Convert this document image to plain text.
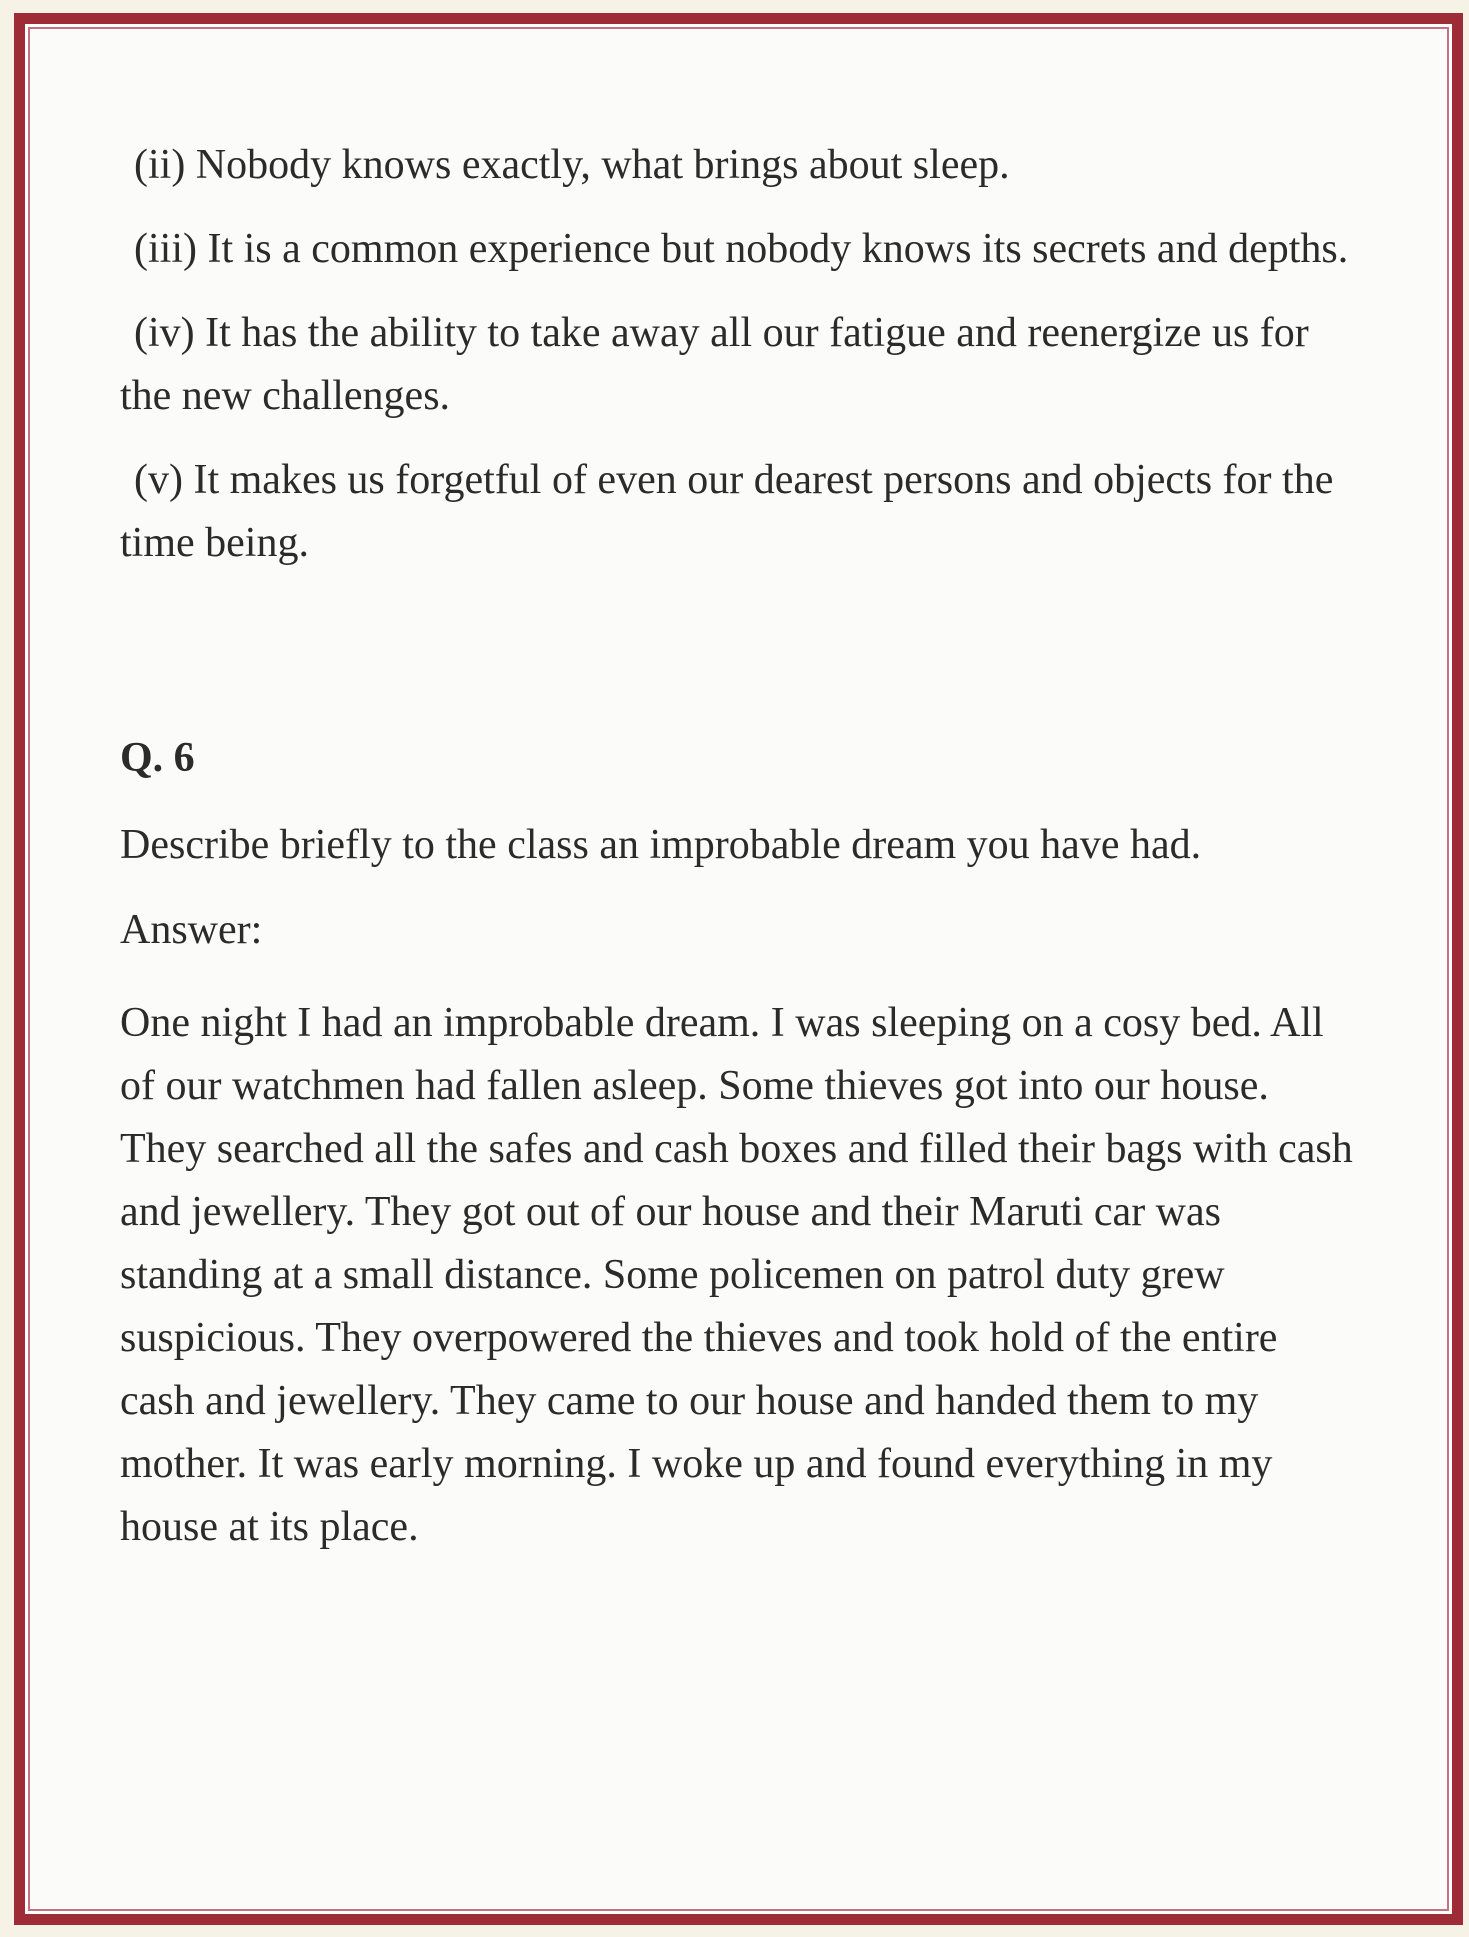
(ii) Nobody knows exactly, what brings about sleep.

(iii) It is a common experience but nobody knows its secrets and depths.

(iv) It has the ability to take away all our fatigue and reenergize us for the new challenges.

(v) It makes us forgetful of even our dearest persons and objects for the time being.

Q. 6

Describe briefly to the class an improbable dream you have had.

Answer:

One night I had an improbable dream. I was sleeping on a cosy bed. All of our watchmen had fallen asleep. Some thieves got into our house. They searched all the safes and cash boxes and filled their bags with cash and jewellery. They got out of our house and their Maruti car was standing at a small distance. Some policemen on patrol duty grew suspicious. They overpowered the thieves and took hold of the entire cash and jewellery. They came to our house and handed them to my mother. It was early morning. I woke up and found everything in my house at its place.
